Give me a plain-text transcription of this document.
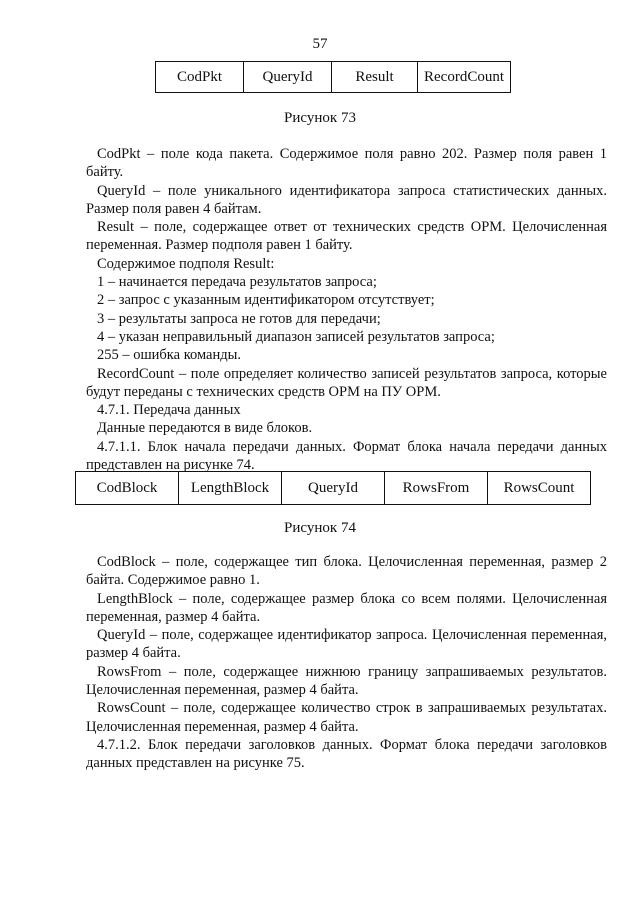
57
CodPkt	QueryId	Result	RecordCount
Рисунок 73

CodPkt – поле кода пакета. Содержимое поля равно 202. Размер поля равен 1 байту.

QueryId – поле уникального идентификатора запроса статистических данных. Размер поля равен 4 байтам.

Result – поле, содержащее ответ от технических средств ОРМ. Целочисленная переменная. Размер подполя равен 1 байту.

Содержимое подполя Result:

1 – начинается передача результатов запроса;

2 – запрос с указанным идентификатором отсутствует;

3 – результаты запроса не готов для передачи;

4 – указан неправильный диапазон записей результатов запроса;

255 – ошибка команды.

RecordCount – поле определяет количество записей результатов запроса, которые будут переданы с технических средств ОРМ на ПУ ОРМ.

4.7.1. Передача данных

Данные передаются в виде блоков.

4.7.1.1. Блок начала передачи данных. Формат блока начала передачи данных представлен на рисунке 74.

CodBlock	LengthBlock	QueryId	RowsFrom	RowsCount
Рисунок 74

CodBlock – поле, содержащее тип блока. Целочисленная переменная, размер 2 байта. Содержимое равно 1.

LengthBlock – поле, содержащее размер блока со всем полями. Целочисленная переменная, размер 4 байта.

QueryId – поле, содержащее идентификатор запроса. Целочисленная переменная, размер 4 байта.

RowsFrom – поле, содержащее нижнюю границу запрашиваемых результатов. Целочисленная переменная, размер 4 байта.

RowsCount – поле, содержащее количество строк в запрашиваемых результатах. Целочисленная переменная, размер 4 байта.

4.7.1.2. Блок передачи заголовков данных. Формат блока передачи заголовков данных представлен на рисунке 75.
